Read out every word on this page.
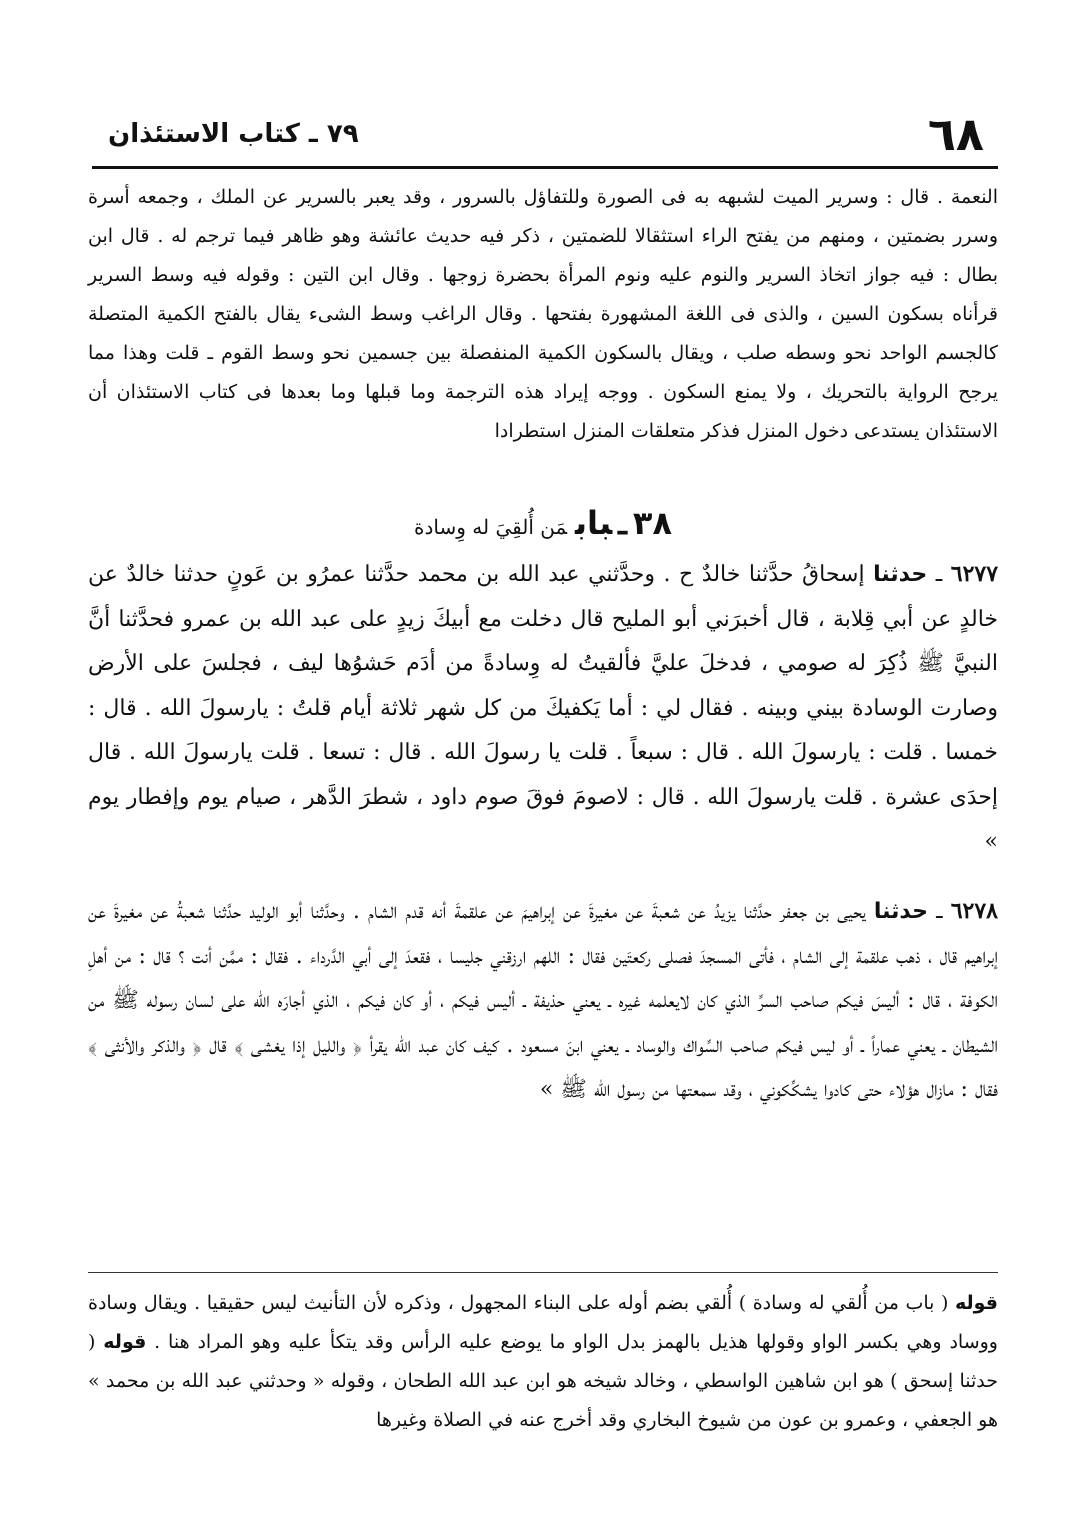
٦٨
٧٩ ـ كتاب الاستئذان

النعمة . قال : وسرير الميت لشبهه به فى الصورة وللتفاؤل بالسرور ، وقد يعبر بالسرير عن الملك ، وجمعه أسرة وسرر بضمتين ، ومنهم من يفتح الراء استثقالا للضمتين ، ذكر فيه حديث عائشة وهو ظاهر فيما ترجم له . قال ابن بطال : فيه جواز اتخاذ السرير والنوم عليه ونوم المرأة بحضرة زوجها . وقال ابن التين : وقوله فيه وسط السرير قرأناه بسكون السين ، والذى فى اللغة المشهورة بفتحها . وقال الراغب وسط الشىء يقال بالفتح الكمية المتصلة كالجسم الواحد نحو وسطه صلب ، ويقال بالسكون الكمية المنفصلة بين جسمين نحو وسط القوم ـ قلت وهذا مما يرجح الرواية بالتحريك ، ولا يمنع السكون . ووجه إيراد هذه الترجمة وما قبلها وما بعدها فى كتاب الاستئذان أن الاستئذان يستدعى دخول المنزل فذكر متعلقات المنزل استطرادا

٣٨ـبابمَن أُلقِيَ له وِسادة

٦٢٧٧ ـ حدثنا إسحاقُ حدَّثنا خالدٌ ح . وحدَّثني عبد الله بن محمد حدَّثنا عمرُو بن عَونٍ حدثنا خالدٌ عن خالدٍ عن أبي قِلابة ، قال أخبرَني أبو المليح قال دخلت مع أبيكَ زيدٍ على عبد الله بن عمرو فحدَّثنا أنَّ النبيَّ ﷺ ذُكِرَ له صومي ، فدخلَ عليَّ فألقيتُ له وِسادةً من أدَم حَشوُها ليف ، فجلسَ على الأرض وصارت الوسادة بيني وبينه . فقال لي : أما يَكفيكَ من كل شهر ثلاثة أيام قلتُ : يارسولَ الله . قال : خمسا . قلت : يارسولَ الله . قال : سبعاً . قلت يا رسولَ الله . قال : تسعا . قلت يارسولَ الله . قال إحدَى عشرة . قلت يارسولَ الله . قال : لاصومَ فوقَ صوم داود ، شطرَ الدَّهر ، صيام يوم وإفطار يوم »

٦٢٧٨ ـ حدثنا يحيى بن جعفر حدَّثنا يزيدُ عن شعبةَ عن مغيرةَ عن إبراهيمَ عن علقمةَ أنه قدم الشام . وحدَّثنا أبو الوليد حدَّثنا شعبةُ عن مغيرةَ عن إبراهيم قال ، ذهب علقمة إلى الشام ، فأتى المسجدَ فصلى ركعتَين فقال : اللهم ارزقني جليسا ، فقعدَ إلى أبي الدَّرداء . فقال : ممَّن أنت ؟ قال : من أهلِ الكوفة ، قال : أليسَ فيكم صاحب السرِّ الذي كان لايعلمه غيره ـ يعني حذيفة ـ أليس فيكم ، أو كان فيكم ، الذي أجارَه الله على لسان رسوله ﷺ من الشيطان ـ يعني عماراً ـ أو ليس فيكم صاحب السِّواك والوساد ـ يعني ابنَ مسعود . كيف كان عبد الله يقرأ ﴿ والليل إذا يغشى ﴾ قال ﴿ والذكر والأنثى ﴾ فقال : مازال هؤلاء حتى كادوا يشكِّكوني ، وقد سمعتها من رسول الله ﷺ »

قوله ( باب من أُلقي له وسادة ) أُلقي بضم أوله على البناء المجهول ، وذكره لأن التأنيث ليس حقيقيا . ويقال وسادة ووساد وهي بكسر الواو وقولها هذيل بالهمز بدل الواو ما يوضع عليه الرأس وقد يتكأ عليه وهو المراد هنا . قوله ( حدثنا إسحق ) هو ابن شاهين الواسطي ، وخالد شيخه هو ابن عبد الله الطحان ، وقوله « وحدثني عبد الله بن محمد » هو الجعفي ، وعمرو بن عون من شيوخ البخاري وقد أخرج عنه في الصلاة وغيرها
